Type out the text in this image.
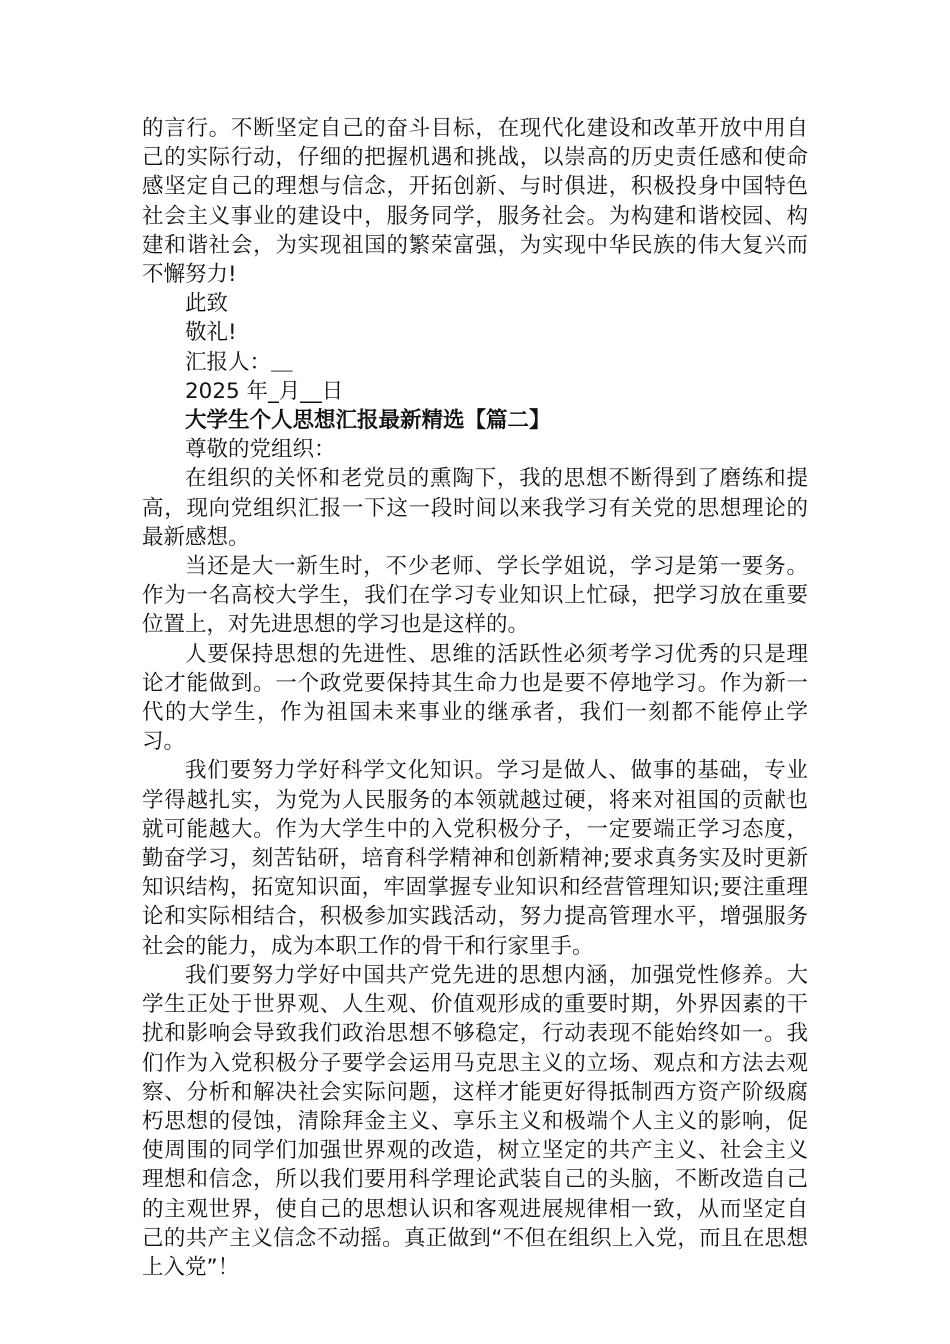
的言行。不断坚定自己的奋斗目标，在现代化建设和改革开放中用自己的实际行动，仔细的把握机遇和挑战，以崇高的历史责任感和使命感坚定自己的理想与信念，开拓创新、与时俱进，积极投身中国特色社会主义事业的建设中，服务同学，服务社会。为构建和谐校园、构建和谐社会，为实现祖国的繁荣富强，为实现中华民族的伟大复兴而不懈努力!

此致

敬礼!

汇报人：＿

2025 年_月__日

大学生个人思想汇报最新精选【篇二】

尊敬的党组织：

在组织的关怀和老党员的熏陶下，我的思想不断得到了磨练和提高，现向党组织汇报一下这一段时间以来我学习有关党的思想理论的最新感想。

当还是大一新生时，不少老师、学长学姐说，学习是第一要务。作为一名高校大学生，我们在学习专业知识上忙碌，把学习放在重要位置上，对先进思想的学习也是这样的。

人要保持思想的先进性、思维的活跃性必须考学习优秀的只是理论才能做到。一个政党要保持其生命力也是要不停地学习。作为新一代的大学生，作为祖国未来事业的继承者，我们一刻都不能停止学习。

我们要努力学好科学文化知识。学习是做人、做事的基础，专业学得越扎实，为党为人民服务的本领就越过硬，将来对祖国的贡献也就可能越大。作为大学生中的入党积极分子，一定要端正学习态度，勤奋学习，刻苦钻研，培育科学精神和创新精神;要求真务实及时更新知识结构，拓宽知识面，牢固掌握专业知识和经营管理知识;要注重理论和实际相结合，积极参加实践活动，努力提高管理水平，增强服务社会的能力，成为本职工作的骨干和行家里手。

我们要努力学好中国共产党先进的思想内涵，加强党性修养。大学生正处于世界观、人生观、价值观形成的重要时期，外界因素的干扰和影响会导致我们政治思想不够稳定，行动表现不能始终如一。我们作为入党积极分子要学会运用马克思主义的立场、观点和方法去观察、分析和解决社会实际问题，这样才能更好得抵制西方资产阶级腐朽思想的侵蚀，清除拜金主义、享乐主义和极端个人主义的影响，促使周围的同学们加强世界观的改造，树立坚定的共产主义、社会主义理想和信念，所以我们要用科学理论武装自己的头脑，不断改造自己的主观世界，使自己的思想认识和客观进展规律相一致，从而坚定自己的共产主义信念不动摇。真正做到“不但在组织上入党，而且在思想上入党”！
